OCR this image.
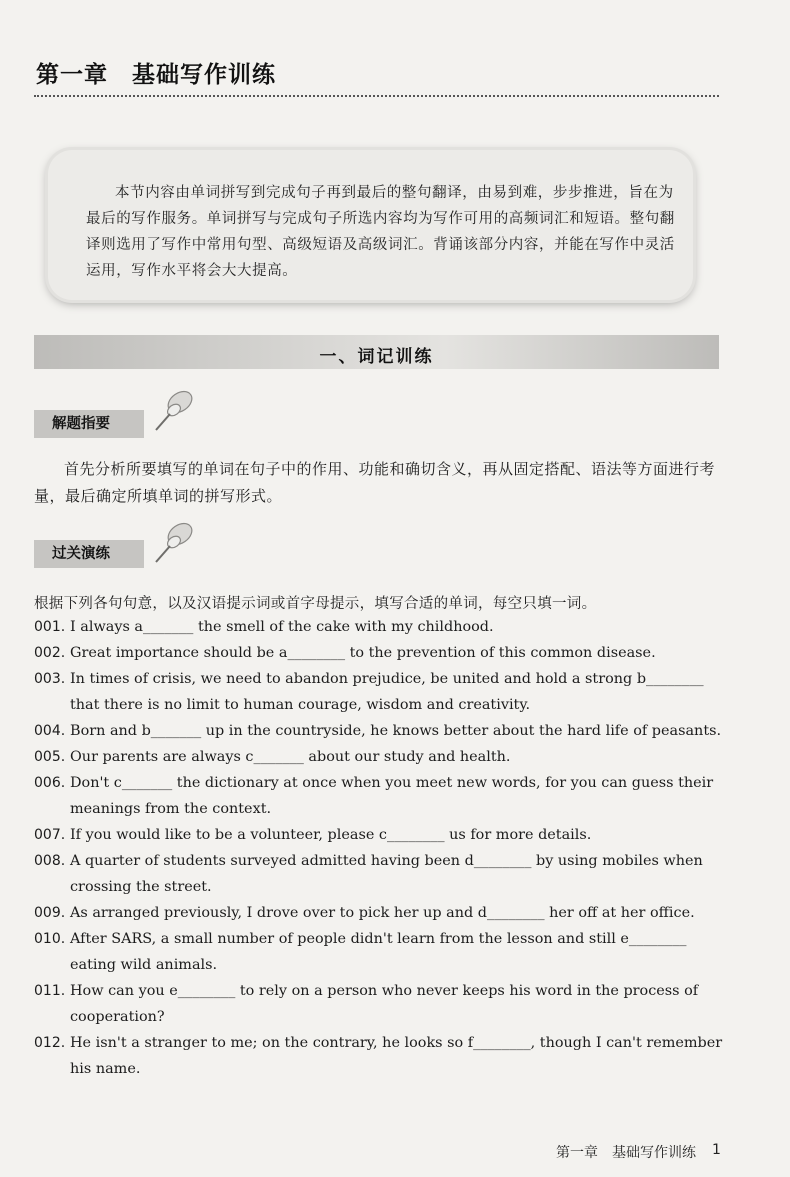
第一章　基础写作训练

本节内容由单词拼写到完成句子再到最后的整句翻译，由易到难，步步推进，旨在为最后的写作服务。单词拼写与完成句子所选内容均为写作可用的高频词汇和短语。整句翻译则选用了写作中常用句型、高级短语及高级词汇。背诵该部分内容，并能在写作中灵活运用，写作水平将会大大提高。

一、词记训练
解题指要

首先分析所要填写的单词在句子中的作用、功能和确切含义，再从固定搭配、语法等方面进行考量，最后确定所填单词的拼写形式。

过关演练
根据下列各句句意，以及汉语提示词或首字母提示，填写合适的单词，每空只填一词。
001. I always a_______ the smell of the cake with my childhood.
002. Great importance should be a________ to the prevention of this common disease.
003. In times of crisis, we need to abandon prejudice, be united and hold a strong b________ that there is no limit to human courage, wisdom and creativity.
004. Born and b_______ up in the countryside, he knows better about the hard life of peasants.
005. Our parents are always c_______ about our study and health.
006. Don't c_______ the dictionary at once when you meet new words, for you can guess their meanings from the context.
007. If you would like to be a volunteer, please c________ us for more details.
008. A quarter of students surveyed admitted having been d________ by using mobiles when crossing the street.
009. As arranged previously, I drove over to pick her up and d________ her off at her office.
010. After SARS, a small number of people didn't learn from the lesson and still e________ eating wild animals.
011. How can you e________ to rely on a person who never keeps his word in the process of cooperation?
012. He isn't a stranger to me; on the contrary, he looks so f________, though I can't remember his name.
第一章　基础写作训练 1
